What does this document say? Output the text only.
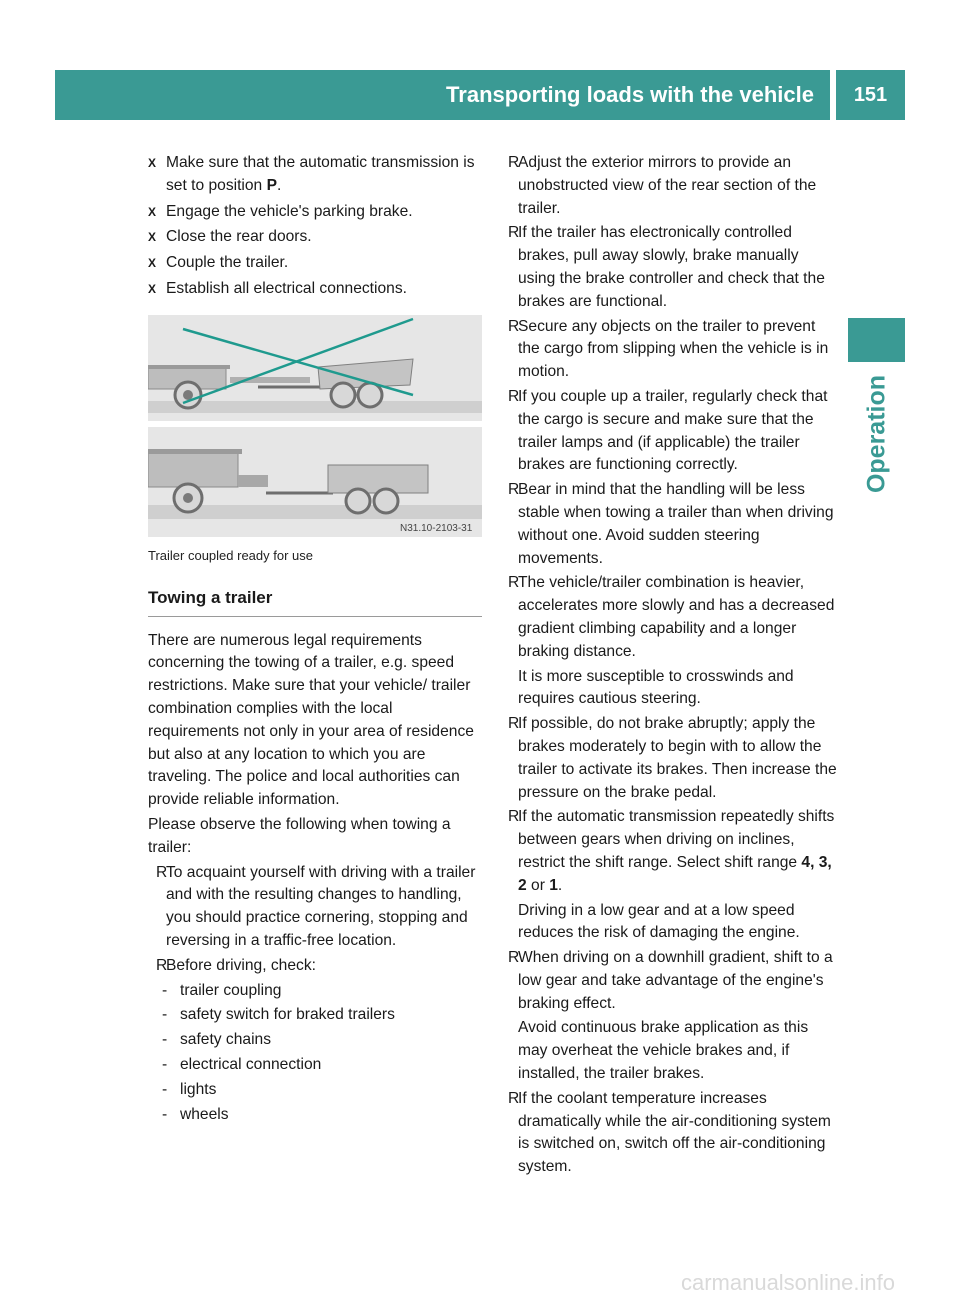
Transporting loads with the vehicle	151
Operation
X Make sure that the automatic transmission is set to position P.
X Engage the vehicle's parking brake.
X Close the rear doors.
X Couple the trailer.
X Establish all electrical connections.
N31.10-2103-31
Trailer coupled ready for use
Towing a trailer

There are numerous legal requirements concerning the towing of a trailer, e.g. speed restrictions. Make sure that your vehicle/ trailer combination complies with the local requirements not only in your area of residence but also at any location to which you are traveling. The police and local authorities can provide reliable information.

Please observe the following when towing a trailer:

R
To acquaint yourself with driving with a trailer and with the resulting changes to handling, you should practice cornering, stopping and reversing in a traffic-free location.
R
Before driving, check:
- trailer coupling
- safety switch for braked trailers
- safety chains
- electrical connection
- lights
- wheels
R
Adjust the exterior mirrors to provide an unobstructed view of the rear section of the trailer.
R
If the trailer has electronically controlled brakes, pull away slowly, brake manually using the brake controller and check that the brakes are functional.
R
Secure any objects on the trailer to prevent the cargo from slipping when the vehicle is in motion.
R
If you couple up a trailer, regularly check that the cargo is secure and make sure that the trailer lamps and (if applicable) the trailer brakes are functioning correctly.
R
Bear in mind that the handling will be less stable when towing a trailer than when driving without one. Avoid sudden steering movements.
R
The vehicle/trailer combination is heavier, accelerates more slowly and has a decreased gradient climbing capability and a longer braking distance.

It is more susceptible to crosswinds and requires cautious steering.

R
If possible, do not brake abruptly; apply the brakes moderately to begin with to allow the trailer to activate its brakes. Then increase the pressure on the brake pedal.
R
If the automatic transmission repeatedly shifts between gears when driving on inclines, restrict the shift range. Select shift range 4, 3, 2 or 1.

Driving in a low gear and at a low speed reduces the risk of damaging the engine.

R
When driving on a downhill gradient, shift to a low gear and take advantage of the engine's braking effect.

Avoid continuous brake application as this may overheat the vehicle brakes and, if installed, the trailer brakes.

R
If the coolant temperature increases dramatically while the air-conditioning system is switched on, switch off the air-conditioning system.
carmanualsonline.info
